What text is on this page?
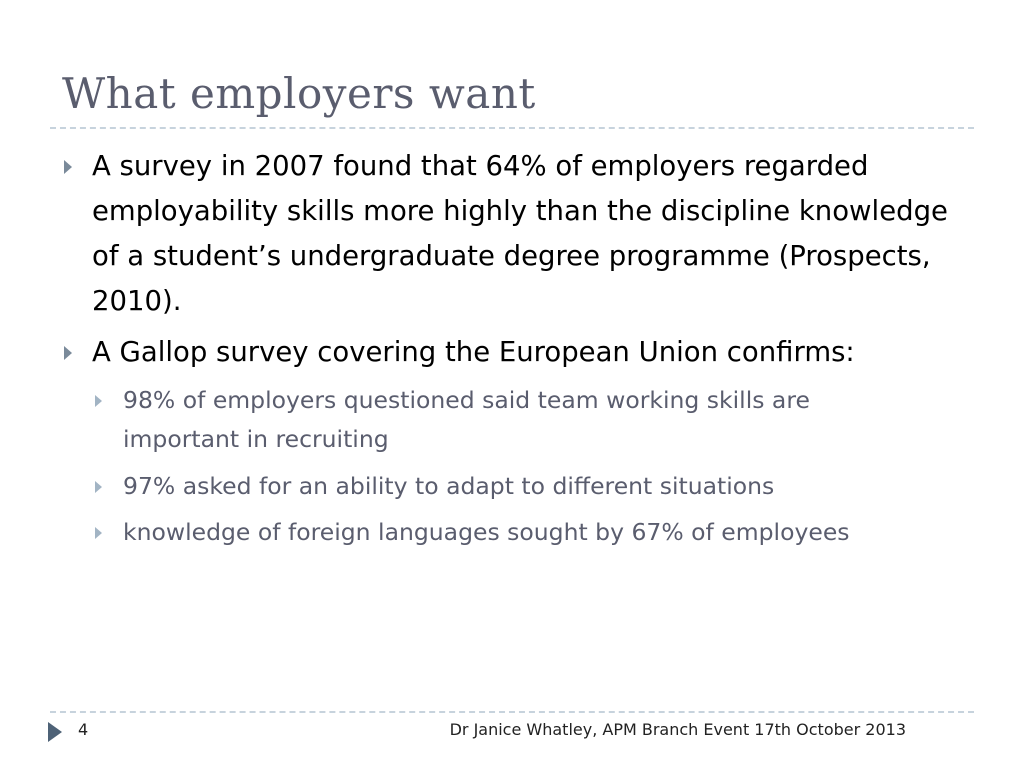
What employers want
A survey in 2007 found that 64% of employers regarded employability skills more highly than the discipline knowledge of a student’s undergraduate degree programme (Prospects, 2010).
A Gallop survey covering the European Union confirms:
98% of employers questioned said team working skills are important in recruiting
97% asked for an ability to adapt to different situations
knowledge of foreign languages sought by 67% of employees
4	Dr Janice Whatley, APM Branch Event 17th October 2013
